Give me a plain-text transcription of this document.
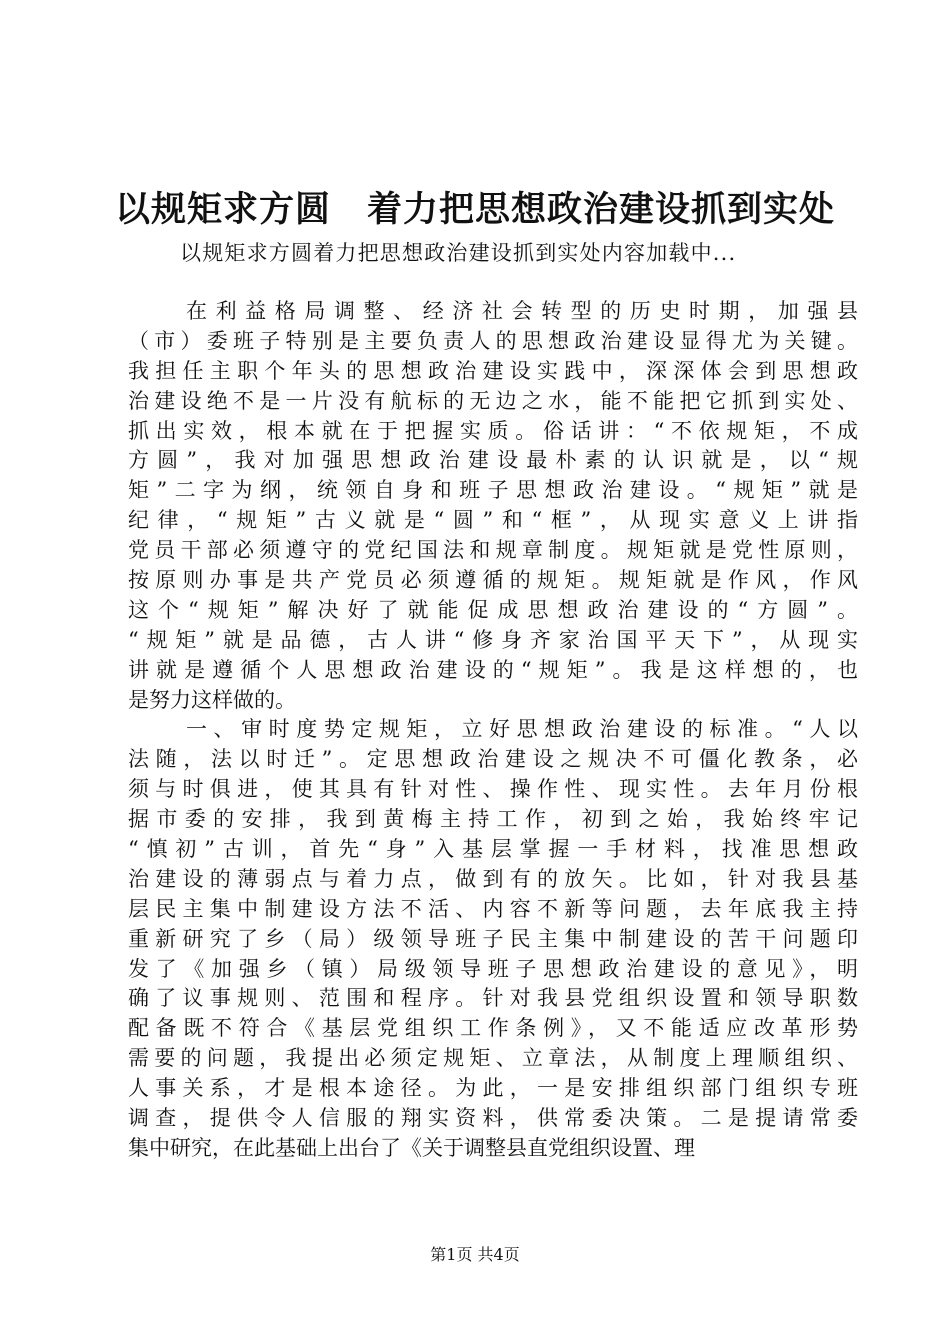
以规矩求方圆　着力把思想政治建设抓到实处
以规矩求方圆着力把思想政治建设抓到实处内容加载中...
在利益格局调整、经济社会转型的历史时期，加强县
（市）委班子特别是主要负责人的思想政治建设显得尤为关键。
我担任主职个年头的思想政治建设实践中，深深体会到思想政
治建设绝不是一片没有航标的无边之水，能不能把它抓到实处、
抓出实效，根本就在于把握实质。俗话讲：“不依规矩，不成
方圆”，我对加强思想政治建设最朴素的认识就是，以“规
矩”二字为纲，统领自身和班子思想政治建设。“规矩”就是
纪律，“规矩”古义就是“圆”和“框”，从现实意义上讲指
党员干部必须遵守的党纪国法和规章制度。规矩就是党性原则，
按原则办事是共产党员必须遵循的规矩。规矩就是作风，作风
这个“规矩”解决好了就能促成思想政治建设的“方圆”。
“规矩”就是品德，古人讲“修身齐家治国平天下”，从现实
讲就是遵循个人思想政治建设的“规矩”。我是这样想的，也
是努力这样做的。
一、审时度势定规矩，立好思想政治建设的标准。“人以
法随，法以时迁”。定思想政治建设之规决不可僵化教条，必
须与时俱进，使其具有针对性、操作性、现实性。去年月份根
据市委的安排，我到黄梅主持工作，初到之始，我始终牢记
“慎初”古训，首先“身”入基层掌握一手材料，找准思想政
治建设的薄弱点与着力点，做到有的放矢。比如，针对我县基
层民主集中制建设方法不活、内容不新等问题，去年底我主持
重新研究了乡（局）级领导班子民主集中制建设的苦干问题印
发了《加强乡（镇）局级领导班子思想政治建设的意见》，明
确了议事规则、范围和程序。针对我县党组织设置和领导职数
配备既不符合《基层党组织工作条例》，又不能适应改革形势
需要的问题，我提出必须定规矩、立章法，从制度上理顺组织、
人事关系，才是根本途径。为此，一是安排组织部门组织专班
调查，提供令人信服的翔实资料，供常委决策。二是提请常委
集中研究，在此基础上出台了《关于调整县直党组织设置、理
第1页 共4页
